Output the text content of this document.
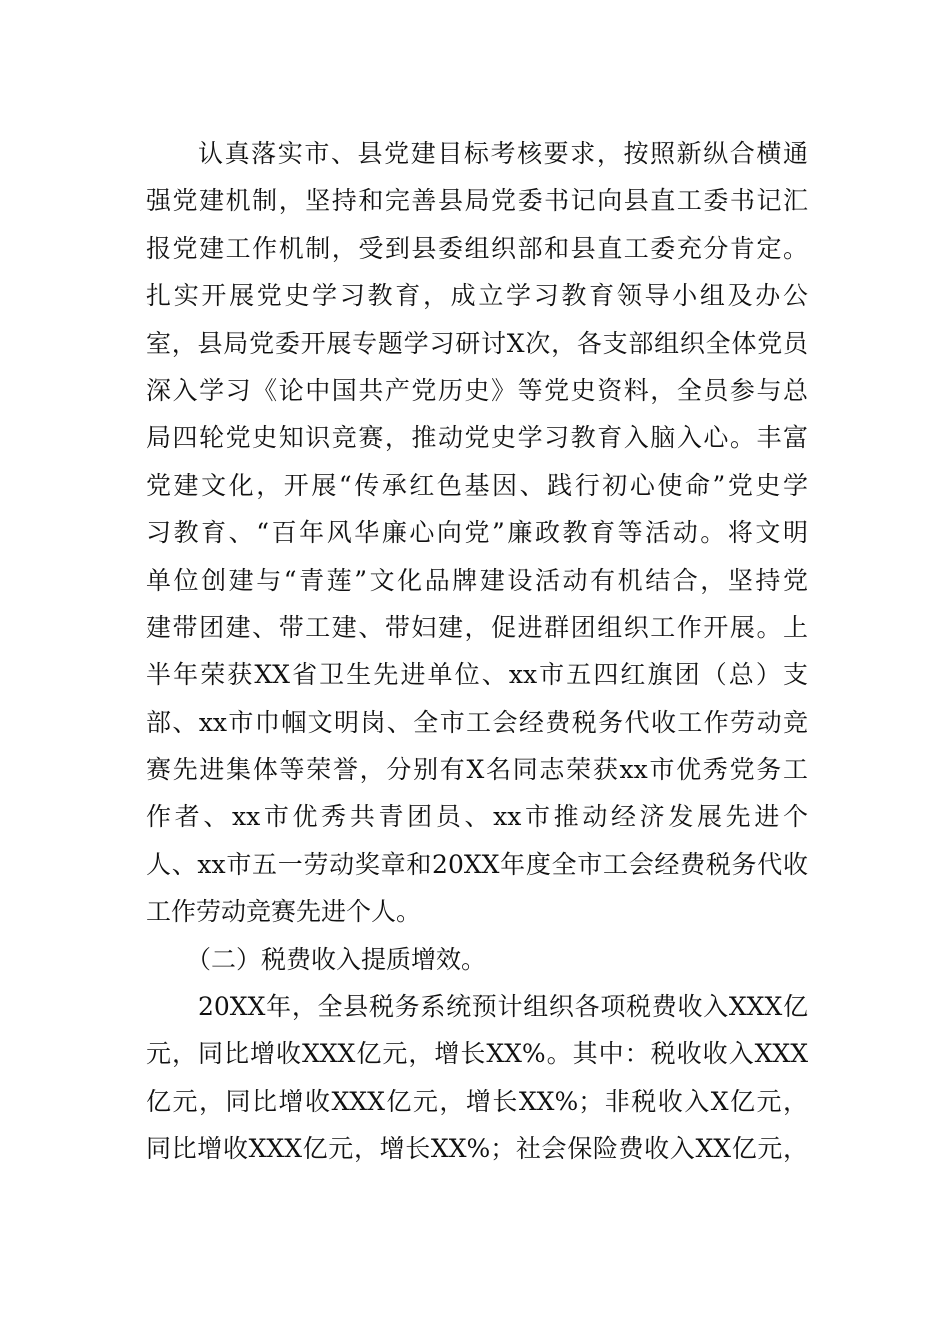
认真落实市、县党建目标考核要求，按照新纵合横通
强党建机制，坚持和完善县局党委书记向县直工委书记汇
报党建工作机制，受到县委组织部和县直工委充分肯定。
扎实开展党史学习教育，成立学习教育领导小组及办公
室，县局党委开展专题学习研讨X次，各支部组织全体党员
深入学习《论中国共产党历史》等党史资料，全员参与总
局四轮党史知识竞赛，推动党史学习教育入脑入心。丰富
党建文化，开展“传承红色基因、践行初心使命”党史学
习教育、“百年风华廉心向党”廉政教育等活动。将文明
单位创建与“青莲”文化品牌建设活动有机结合，坚持党
建带团建、带工建、带妇建，促进群团组织工作开展。上
半年荣获XX省卫生先进单位、xx市五四红旗团（总）支
部、xx市巾帼文明岗、全市工会经费税务代收工作劳动竞
赛先进集体等荣誉，分别有X名同志荣获xx市优秀党务工
作者、xx市优秀共青团员、xx市推动经济发展先进个
人、xx市五一劳动奖章和20XX年度全市工会经费税务代收
工作劳动竞赛先进个人。
（二）税费收入提质增效。
20XX年，全县税务系统预计组织各项税费收入XXX亿
元，同比增收XXX亿元，增长XX%。其中：税收收入XXX
亿元，同比增收XXX亿元，增长XX%；非税收入X亿元，
同比增收XXX亿元，增长XX%；社会保险费收入XX亿元，
